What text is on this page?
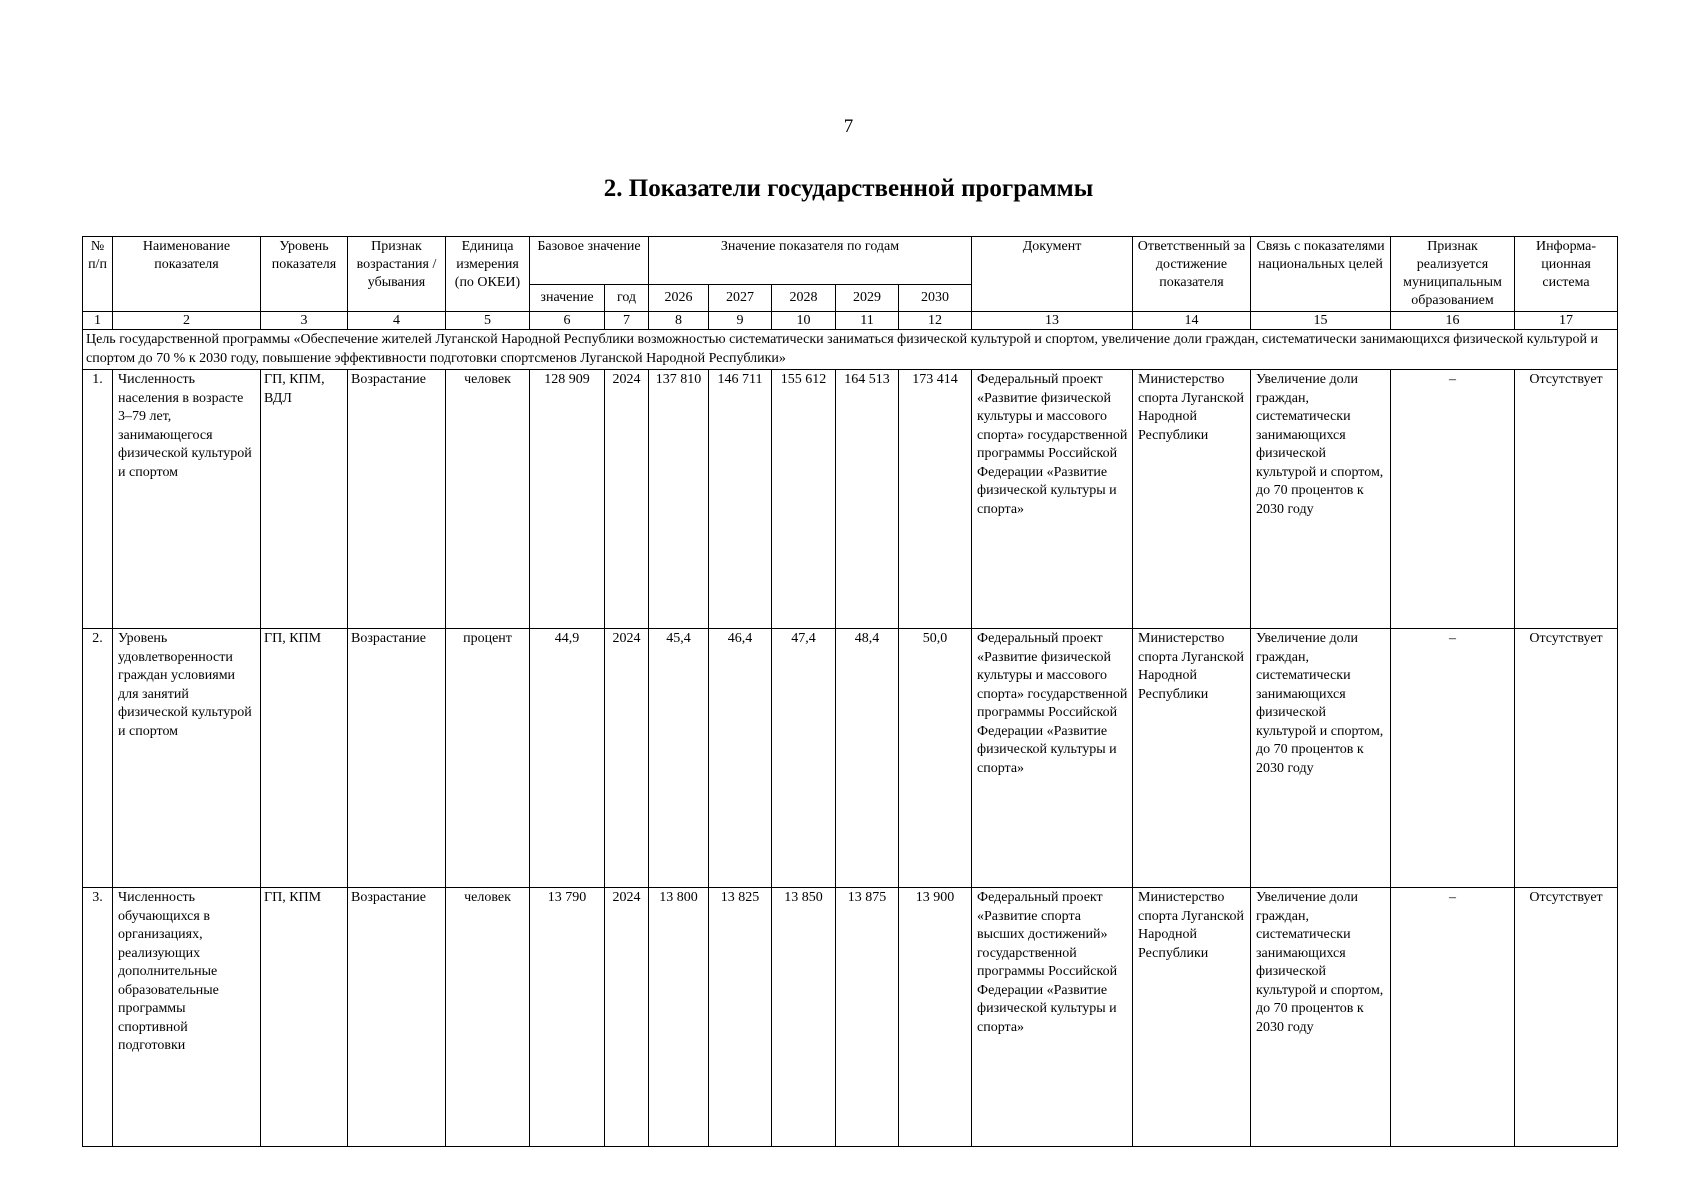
7
2. Показатели государственной программы
№ п/п	Наименование показателя	Уровень показателя	Признак возрастания / убывания	Единица измерения (по ОКЕИ)	Базовое значение		Значение показателя по годам					Документ	Ответственный за достижение показателя	Связь с показателями национальных целей	Признак реализуется муниципальным образованием	Информа-ционная система
					значение	год	2026	2027	2028	2029	2030					
1	2	3	4	5	6	7	8	9	10	11	12	13	14	15	16	17
Цель государственной программы «Обеспечение жителей Луганской Народной Республики возможностью систематически заниматься физической культурой и спортом, увеличение доли граждан, систематически занимающихся физической культурой и спортом до 70 % к 2030 году, повышение эффективности подготовки спортсменов Луганской Народной Республики»																
1.	Численность населения в возрасте 3–79 лет, занимающегося физической культурой и спортом	ГП, КПМ, ВДЛ	Возрастание	человек	128 909	2024	137 810	146 711	155 612	164 513	173 414	Федеральный проект «Развитие физической культуры и массового спорта» государственной программы Российской Федерации «Развитие физической культуры и спорта»	Министерство спорта Луганской Народной Республики	Увеличение доли граждан, систематически занимающихся физической культурой и спортом, до 70 процентов к 2030 году	–	Отсутствует
2.	Уровень удовлетворенности граждан условиями для занятий физической культурой и спортом	ГП, КПМ	Возрастание	процент	44,9	2024	45,4	46,4	47,4	48,4	50,0	Федеральный проект «Развитие физической культуры и массового спорта» государственной программы Российской Федерации «Развитие физической культуры и спорта»	Министерство спорта Луганской Народной Республики	Увеличение доли граждан, систематически занимающихся физической культурой и спортом, до 70 процентов к 2030 году	–	Отсутствует
3.	Численность обучающихся в организациях, реализующих дополнительные образовательные программы спортивной подготовки	ГП, КПМ	Возрастание	человек	13 790	2024	13 800	13 825	13 850	13 875	13 900	Федеральный проект «Развитие спорта высших достижений» государственной программы Российской Федерации «Развитие физической культуры и спорта»	Министерство спорта Луганской Народной Республики	Увеличение доли граждан, систематически занимающихся физической культурой и спортом, до 70 процентов к 2030 году	–	Отсутствует
